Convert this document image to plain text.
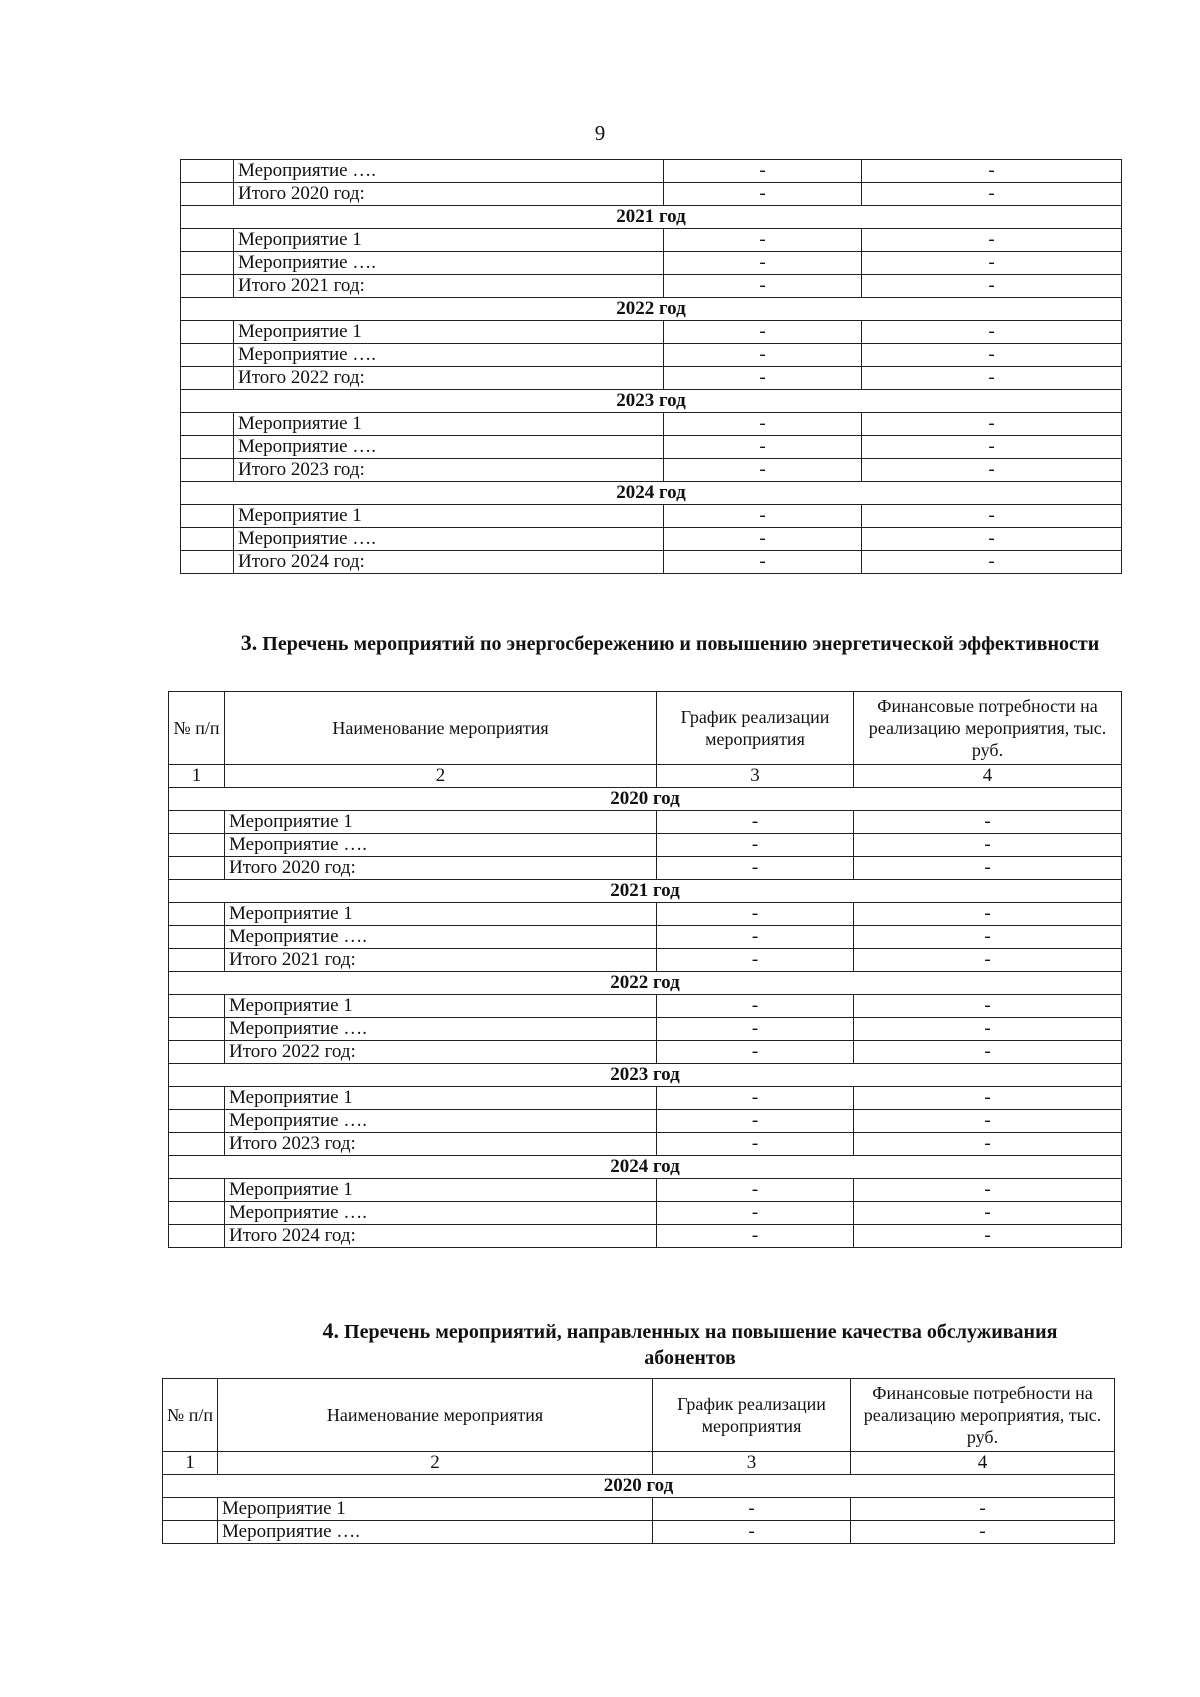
9
	Мероприятие ….	-	-
	Итого 2020 год:	-	-
2021 год			
	Мероприятие 1	-	-
	Мероприятие ….	-	-
	Итого 2021 год:	-	-
2022 год			
	Мероприятие 1	-	-
	Мероприятие ….	-	-
	Итого 2022 год:	-	-
2023 год			
	Мероприятие 1	-	-
	Мероприятие ….	-	-
	Итого 2023 год:	-	-
2024 год			
	Мероприятие 1	-	-
	Мероприятие ….	-	-
	Итого 2024 год:	-	-
3. Перечень мероприятий по энергосбережению и повышению энергетической эффективности
№ п/п	Наименование мероприятия	График реализации мероприятия	Финансовые потребности на реализацию мероприятия, тыс. руб.
1	2	3	4
2020 год			
	Мероприятие 1	-	-
	Мероприятие ….	-	-
	Итого 2020 год:	-	-
2021 год			
	Мероприятие 1	-	-
	Мероприятие ….	-	-
	Итого 2021 год:	-	-
2022 год			
	Мероприятие 1	-	-
	Мероприятие ….	-	-
	Итого 2022 год:	-	-
2023 год			
	Мероприятие 1	-	-
	Мероприятие ….	-	-
	Итого 2023 год:	-	-
2024 год			
	Мероприятие 1	-	-
	Мероприятие ….	-	-
	Итого 2024 год:	-	-
4. Перечень мероприятий, направленных на повышение качества обслуживания абонентов
№ п/п	Наименование мероприятия	График реализации мероприятия	Финансовые потребности на реализацию мероприятия, тыс. руб.
1	2	3	4
2020 год			
	Мероприятие 1	-	-
	Мероприятие ….	-	-
